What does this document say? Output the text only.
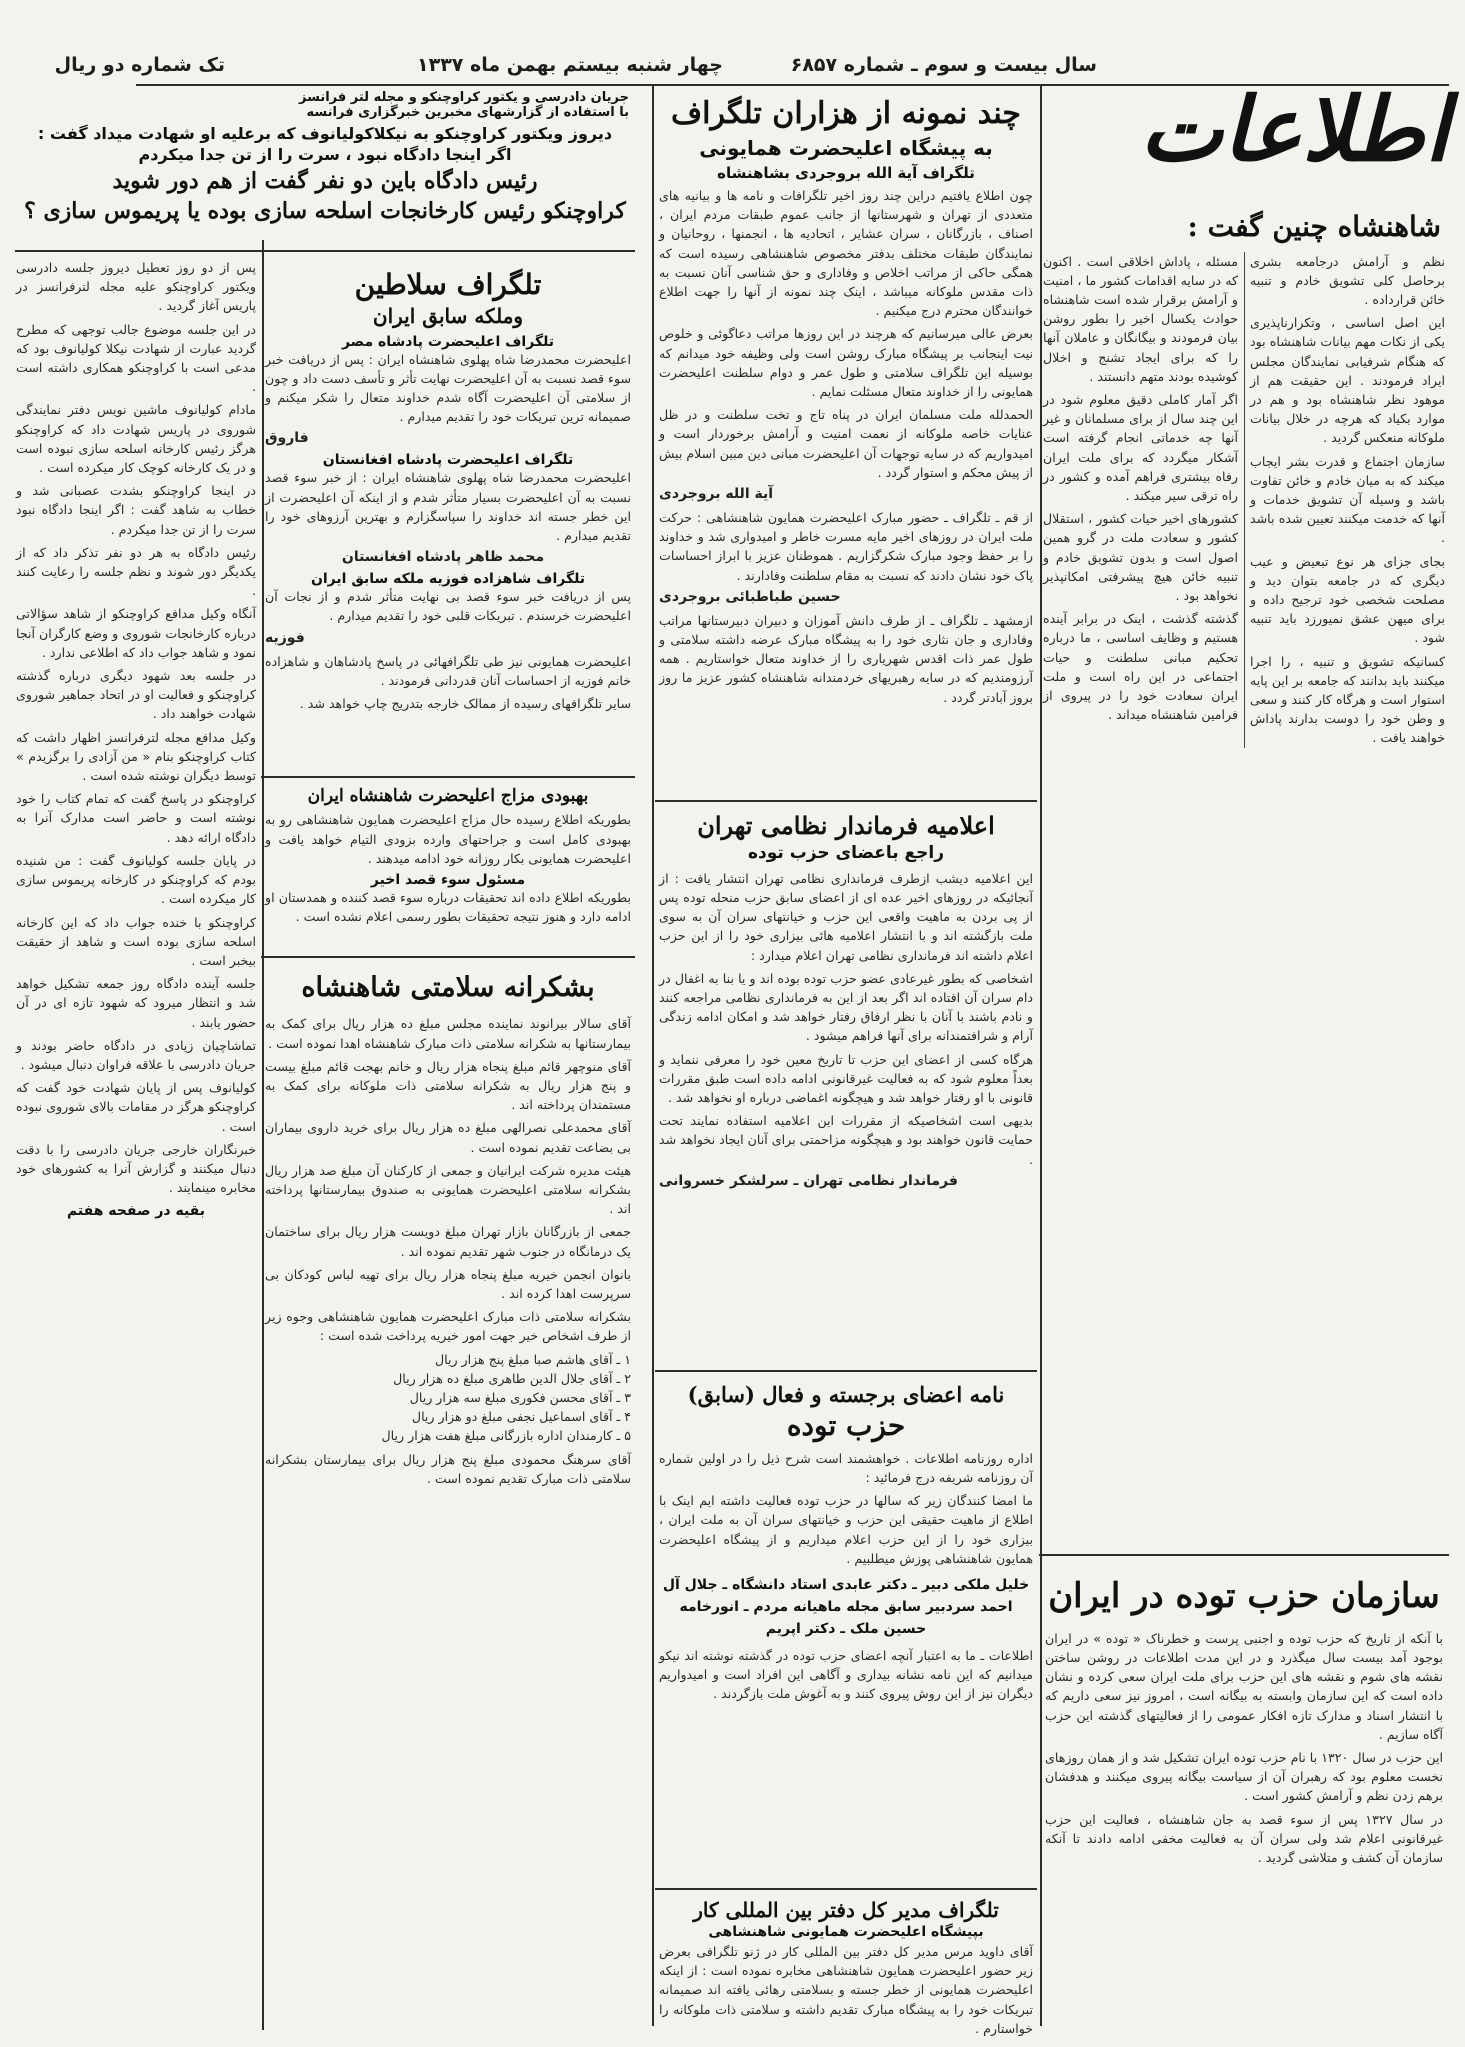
سال بیست و سوم ـ شماره ۶۸۵۷
چهار شنبه بیستم بهمن ماه ۱۳۳۷
تک شماره دو ریال
اطلاعات
شاهنشاه چنین گفت :

نظم و آرامش درجامعه بشری برحاصل کلی تشویق خادم و تنبیه خائن قرارداده .

این اصل اساسی ، وتکرارناپذیری یکی از نکات مهم بیانات شاهنشاه بود که هنگام شرفیابی نمایندگان مجلس ایراد فرمودند . این حقیقت هم از موهود نظر شاهنشاه بود و هم در موارد بکیاد که هرچه در خلال بیانات ملوکانه منعکس گردید .

سازمان اجتماع و قدرت بشر ایجاب میکند که به میان خادم و خائن تفاوت باشد و وسیله آن تشویق خدمات و آنها که خدمت میکنند تعیین شده باشد .

بجای جزای هر نوع تبعیض و عیب دیگری که در جامعه بتوان دید و مصلحت شخصی خود ترجیح داده و برای میهن عشق نمیورزد باید تنبیه شود .

کسانیکه تشویق و تنبیه ، را اجرا میکنند باید بدانند که جامعه بر این پایه استوار است و هرگاه کار کنند و سعی و وطن خود را دوست بدارند پاداش خواهند یافت .

مسئله ، پاداش اخلاقی است . اکنون که در سایه اقدامات کشور ما ، امنیت و آرامش برقرار شده است شاهنشاه حوادث یکسال اخیر را بطور روشن بیان فرمودند و بیگانگان و عاملان آنها را که برای ایجاد تشنج و اخلال کوشیده بودند متهم دانستند .

اگر آمار کاملی دقیق معلوم شود در این چند سال از برای مسلمانان و غیر آنها چه خدماتی انجام گرفته است آشکار میگردد که برای ملت ایران رفاه بیشتری فراهم آمده و کشور در راه ترقی سیر میکند .

کشورهای اخیر حیات کشور ، استقلال کشور و سعادت ملت در گرو همین اصول است و بدون تشویق خادم و تنبیه خائن هیچ پیشرفتی امکانپذیر نخواهد بود .

گذشته گذشت ، اینک در برابر آینده هستیم و وظایف اساسی ، ما درباره تحکیم مبانی سلطنت و حیات اجتماعی در این راه است و ملت ایران سعادت خود را در پیروی از فرامین شاهنشاه میداند .

سازمان حزب توده در ایران

با آنکه از تاریخ که حزب توده و اجنبی پرست و خطرناک « توده » در ایران بوجود آمد بیست سال میگذرد و در این مدت اطلاعات در روشن ساختن نقشه های شوم و نقشه های این حزب برای ملت ایران سعی کرده و نشان داده است که این سازمان وابسته به بیگانه است ، امروز نیز سعی داریم که با انتشار اسناد و مدارک تازه افکار عمومی را از فعالیتهای گذشته این حزب آگاه سازیم .

این حزب در سال ۱۳۲۰ با نام حزب توده ایران تشکیل شد و از همان روزهای نخست معلوم بود که رهبران آن از سیاست بیگانه پیروی میکنند و هدفشان برهم زدن نظم و آرامش کشور است .

در سال ۱۳۲۷ پس از سوء قصد به جان شاهنشاه ، فعالیت این حزب غیرقانونی اعلام شد ولی سران آن به فعالیت مخفی ادامه دادند تا آنکه سازمان آن کشف و متلاشی گردید .

چند نمونه از هزاران تلگراف
به پیشگاه اعلیحضرت همایونی
تلگراف آیة الله بروجردی بشاهنشاه

چون اطلاع یافتیم دراین چند روز اخیر تلگرافات و نامه ها و بیانیه های متعددی از تهران و شهرستانها از جانب عموم طبقات مردم ایران ، اصناف ، بازرگانان ، سران عشایر ، اتحادیه ها ، انجمنها ، روحانیان و نمایندگان طبقات مختلف بدفتر مخصوص شاهنشاهی رسیده است که همگی حاکی از مراتب اخلاص و وفاداری و حق شناسی آنان نسبت به ذات مقدس ملوکانه میباشد ، اینک چند نمونه از آنها را جهت اطلاع خوانندگان محترم درج میکنیم .

بعرض عالی میرسانیم که هرچند در این روزها مراتب دعاگوئی و خلوص نیت اینجانب بر پیشگاه مبارک روشن است ولی وظیفه خود میدانم که بوسیله این تلگراف سلامتی و طول عمر و دوام سلطنت اعلیحضرت همایونی را از خداوند متعال مسئلت نمایم .

الحمدلله ملت مسلمان ایران در پناه تاج و تخت سلطنت و در ظل عنایات خاصه ملوکانه از نعمت امنیت و آرامش برخوردار است و امیدواریم که در سایه توجهات آن اعلیحضرت مبانی دین مبین اسلام بیش از پیش محکم و استوار گردد .

آیة الله بروجردی

از قم ـ تلگراف ـ حضور مبارک اعلیحضرت همایون شاهنشاهی : حرکت ملت ایران در روزهای اخیر مایه مسرت خاطر و امیدواری شد و خداوند را بر حفظ وجود مبارک شکرگزاریم . هموطنان عزیز با ابراز احساسات پاک خود نشان دادند که نسبت به مقام سلطنت وفادارند .

حسین طباطبائی بروجردی

ازمشهد ـ تلگراف ـ از طرف دانش آموزان و دبیران دبیرستانها مراتب وفاداری و جان نثاری خود را به پیشگاه مبارک عرضه داشته سلامتی و طول عمر ذات اقدس شهریاری را از خداوند متعال خواستاریم . همه آرزومندیم که در سایه رهبریهای خردمندانه شاهنشاه کشور عزیز ما روز بروز آبادتر گردد .

اعلامیه فرماندار نظامی تهران
راجع باعضای حزب توده

این اعلامیه دیشب ازطرف فرمانداری نظامی تهران انتشار یافت : از آنجائیکه در روزهای اخیر عده ای از اعضای سابق حزب منحله توده پس از پی بردن به ماهیت واقعی این حزب و خیانتهای سران آن به سوی ملت بازگشته اند و با انتشار اعلامیه هائی بیزاری خود را از این حزب اعلام داشته اند فرمانداری نظامی تهران اعلام میدارد :

اشخاصی که بطور غیرعادی عضو حزب توده بوده اند و یا بنا به اغفال در دام سران آن افتاده اند اگر بعد از این به فرمانداری نظامی مراجعه کنند و نادم باشند با آنان با نظر ارفاق رفتار خواهد شد و امکان ادامه زندگی آرام و شرافتمندانه برای آنها فراهم میشود .

هرگاه کسی از اعضای این حزب تا تاریخ معین خود را معرفی ننماید و بعداً معلوم شود که به فعالیت غیرقانونی ادامه داده است طبق مقررات قانونی با او رفتار خواهد شد و هیچگونه اغماضی درباره او نخواهد شد .

بدیهی است اشخاصیکه از مقررات این اعلامیه استفاده نمایند تحت حمایت قانون خواهند بود و هیچگونه مزاحمتی برای آنان ایجاد نخواهد شد .

فرماندار نظامی تهران ـ سرلشکر خسروانی
نامه اعضای برجسته و فعال (سابق)
حزب توده

اداره روزنامه اطلاعات . خواهشمند است شرح ذیل را در اولین شماره آن روزنامه شریفه درج فرمائید :

ما امضا کنندگان زیر که سالها در حزب توده فعالیت داشته ایم اینک با اطلاع از ماهیت حقیقی این حزب و خیانتهای سران آن به ملت ایران ، بیزاری خود را از این حزب اعلام میداریم و از پیشگاه اعلیحضرت همایون شاهنشاهی پوزش میطلبیم .

خلیل ملکی دبیر ـ دکتر عابدی استاد دانشگاه ـ جلال آل احمد سردبیر سابق مجله ماهیانه مردم ـ انورخامه حسین ملک ـ دکتر اپریم

اطلاعات ـ ما به اعتبار آنچه اعضای حزب توده در گذشته نوشته اند نیکو میدانیم که این نامه نشانه بیداری و آگاهی این افراد است و امیدواریم دیگران نیز از این روش پیروی کنند و به آغوش ملت بازگردند .

تلگراف مدیر کل دفتر بین المللی کار
بپیشگاه اعلیحضرت همایونی شاهنشاهی

آقای داوید مرس مدیر کل دفتر بین المللی کار در ژنو تلگرافی بعرض زیر حضور اعلیحضرت همایون شاهنشاهی مخابره نموده است : از اینکه اعلیحضرت همایونی از خطر جسته و بسلامتی رهائی یافته اند صمیمانه تبریکات خود را به پیشگاه مبارک تقدیم داشته و سلامتی ذات ملوکانه را خواستارم .

جریان دادرسی و یکتور کراوچنکو و مجله لتر فرانسز با استفاده از گزارشهای مخبرین خبرگزاری فرانسه
دیروز ویکتور کراوچنکو به نیکلاکولیانوف که برعلیه او شهادت میداد گفت :
اگر اینجا دادگاه نبود ، سرت را از تن جدا میکردم
رئیس دادگاه باین دو نفر گفت از هم دور شوید
کراوچنکو رئیس کارخانجات اسلحه سازی بوده یا پریموس سازی ؟
تلگراف سلاطین
وملکه سابق ایران
تلگراف اعلیحضرت پادشاه مصر

اعلیحضرت محمدرضا شاه پهلوی شاهنشاه ایران : پس از دریافت خبر سوء قصد نسبت به آن اعلیحضرت نهایت تأثر و تأسف دست داد و چون از سلامتی آن اعلیحضرت آگاه شدم خداوند متعال را شکر میکنم و صمیمانه ترین تبریکات خود را تقدیم میدارم .

فاروق
تلگراف اعلیحضرت پادشاه افغانستان

اعلیحضرت محمدرضا شاه پهلوی شاهنشاه ایران : از خبر سوء قصد نسبت به آن اعلیحضرت بسیار متأثر شدم و از اینکه آن اعلیحضرت از این خطر جسته اند خداوند را سپاسگزارم و بهترین آرزوهای خود را تقدیم میدارم .

محمد ظاهر پادشاه افغانستان
تلگراف شاهزاده فوزیه ملکه سابق ایران

پس از دریافت خبر سوء قصد بی نهایت متأثر شدم و از نجات آن اعلیحضرت خرسندم . تبریکات قلبی خود را تقدیم میدارم .

فوزیه

اعلیحضرت همایونی نیز طی تلگرافهائی در پاسخ پادشاهان و شاهزاده خانم فوزیه از احساسات آنان قدردانی فرمودند .

سایر تلگرافهای رسیده از ممالک خارجه بتدریج چاپ خواهد شد .

بهبودی مزاج اعلیحضرت شاهنشاه ایران

بطوریکه اطلاع رسیده حال مزاج اعلیحضرت همایون شاهنشاهی رو به بهبودی کامل است و جراحتهای وارده بزودی التیام خواهد یافت و اعلیحضرت همایونی بکار روزانه خود ادامه میدهند .

مسئول سوء قصد اخیر

بطوریکه اطلاع داده اند تحقیقات درباره سوء قصد کننده و همدستان او ادامه دارد و هنوز نتیجه تحقیقات بطور رسمی اعلام نشده است .

بشکرانه سلامتی شاهنشاه

آقای سالار بیرانوند نماینده مجلس مبلغ ده هزار ریال برای کمک به بیمارستانها به شکرانه سلامتی ذات مبارک شاهنشاه اهدا نموده است .

آقای منوچهر قائم مبلغ پنجاه هزار ریال و خانم بهجت قائم مبلغ بیست و پنج هزار ریال به شکرانه سلامتی ذات ملوکانه برای کمک به مستمندان پرداخته اند .

آقای محمدعلی نصرالهی مبلغ ده هزار ریال برای خرید داروی بیماران بی بضاعت تقدیم نموده است .

هیئت مدیره شرکت ایرانیان و جمعی از کارکنان آن مبلغ صد هزار ریال بشکرانه سلامتی اعلیحضرت همایونی به صندوق بیمارستانها پرداخته اند .

جمعی از بازرگانان بازار تهران مبلغ دویست هزار ریال برای ساختمان یک درمانگاه در جنوب شهر تقدیم نموده اند .

بانوان انجمن خیریه مبلغ پنجاه هزار ریال برای تهیه لباس کودکان بی سرپرست اهدا کرده اند .

بشکرانه سلامتی ذات مبارک اعلیحضرت همایون شاهنشاهی وجوه زیر از طرف اشخاص خیر جهت امور خیریه پرداخت شده است :

۱ ـ آقای هاشم صبا مبلغ پنج هزار ریال

۲ ـ آقای جلال الدین طاهری مبلغ ده هزار ریال

۳ ـ آقای محسن فکوری مبلغ سه هزار ریال

۴ ـ آقای اسماعیل نجفی مبلغ دو هزار ریال

۵ ـ کارمندان اداره بازرگانی مبلغ هفت هزار ریال

آقای سرهنگ محمودی مبلغ پنج هزار ریال برای بیمارستان بشکرانه سلامتی ذات مبارک تقدیم نموده است .

پس از دو روز تعطیل دیروز جلسه دادرسی ویکتور کراوچنکو علیه مجله لترفرانسز در پاریس آغاز گردید .

در این جلسه موضوع جالب توجهی که مطرح گردید عبارت از شهادت نیکلا کولیانوف بود که مدعی است با کراوچنکو همکاری داشته است .

مادام کولیانوف ماشین نویس دفتر نمایندگی شوروی در پاریس شهادت داد که کراوچنکو هرگز رئیس کارخانه اسلحه سازی نبوده است و در یک کارخانه کوچک کار میکرده است .

در اینجا کراوچنکو بشدت عصبانی شد و خطاب به شاهد گفت : اگر اینجا دادگاه نبود سرت را از تن جدا میکردم .

رئیس دادگاه به هر دو نفر تذکر داد که از یکدیگر دور شوند و نظم جلسه را رعایت کنند .

آنگاه وکیل مدافع کراوچنکو از شاهد سؤالاتی درباره کارخانجات شوروی و وضع کارگران آنجا نمود و شاهد جواب داد که اطلاعی ندارد .

در جلسه بعد شهود دیگری درباره گذشته کراوچنکو و فعالیت او در اتحاد جماهیر شوروی شهادت خواهند داد .

وکیل مدافع مجله لترفرانسز اظهار داشت که کتاب کراوچنکو بنام « من آزادی را برگزیدم » توسط دیگران نوشته شده است .

کراوچنکو در پاسخ گفت که تمام کتاب را خود نوشته است و حاضر است مدارک آنرا به دادگاه ارائه دهد .

در پایان جلسه کولیانوف گفت : من شنیده بودم که کراوچنکو در کارخانه پریموس سازی کار میکرده است .

کراوچنکو با خنده جواب داد که این کارخانه اسلحه سازی بوده است و شاهد از حقیقت بیخبر است .

جلسه آینده دادگاه روز جمعه تشکیل خواهد شد و انتظار میرود که شهود تازه ای در آن حضور یابند .

تماشاچیان زیادی در دادگاه حاضر بودند و جریان دادرسی با علاقه فراوان دنبال میشود .

کولیانوف پس از پایان شهادت خود گفت که کراوچنکو هرگز در مقامات بالای شوروی نبوده است .

خبرنگاران خارجی جریان دادرسی را با دقت دنبال میکنند و گزارش آنرا به کشورهای خود مخابره مینمایند .

بقیه در صفحه هفتم
